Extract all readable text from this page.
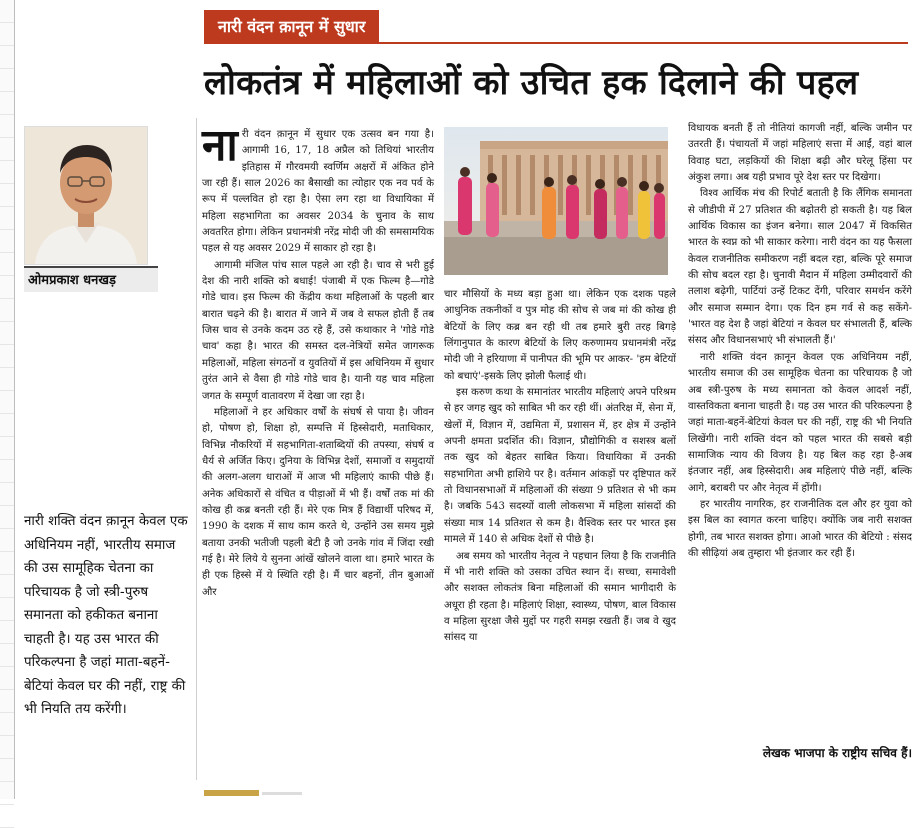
नारी वंदन क़ानून में सुधार
लोकतंत्र में महिलाओं को उचित हक दिलाने की पहल
ओमप्रकाश धनखड़
नारी शक्ति वंदन क़ानून केवल एक अधिनियम नहीं, भारतीय समाज की उस सामूहिक चेतना का परिचायक है जो स्त्री-पुरुष समानता को हकीकत बनाना चाहती है। यह उस भारत की परिकल्पना है जहां माता-बहनें-बेटियां केवल घर की नहीं, राष्ट्र की भी नियति तय करेंगी।

नारी वंदन क़ानून में सुधार एक उत्सव बन गया है। आगामी 16, 17, 18 अप्रैल को तिथियां भारतीय इतिहास में गौरवमयी स्वर्णिम अक्षरों में अंकित होने जा रही हैं। साल 2026 का बैसाखी का त्योहार एक नव पर्व के रूप में पल्लवित हो रहा है। ऐसा लग रहा था विधायिका में महिला सहभागिता का अवसर 2034 के चुनाव के साथ अवतरित होगा। लेकिन प्रधानमंत्री नरेंद्र मोदी जी की समसामयिक पहल से यह अवसर 2029 में साकार हो रहा है।

आगामी मंजिल पांच साल पहले आ रही है। चाव से भरी हुई देश की नारी शक्ति को बधाई! पंजाबी में एक फिल्म है—गोडे गोडे चाव। इस फिल्म की केंद्रीय कथा महिलाओं के पहली बार बारात चढ़ने की है। बारात में जाने में जब वे सफल होती हैं तब जिस चाव से उनके कदम उठ रहे हैं, उसे कथाकार ने 'गोडे गोडे चाव' कहा है। भारत की समस्त दल-नेत्रियों समेत जागरूक महिलाओं, महिला संगठनों व युवतियों में इस अधिनियम में सुधार तुरंत आने से वैसा ही गोडे गोडे चाव है। यानी यह चाव महिला जगत के सम्पूर्ण वातावरण में देखा जा रहा है।

महिलाओं ने हर अधिकार वर्षों के संघर्ष से पाया है। जीवन हो, पोषण हो, शिक्षा हो, सम्पत्ति में हिस्सेदारी, मताधिकार, विभिन्न नौकरियों में सहभागिता-शताब्दियों की तपस्या, संघर्ष व धैर्य से अर्जित किए। दुनिया के विभिन्न देशों, समाजों व समुदायों की अलग-अलग धाराओं में आज भी महिलाएं काफी पीछे हैं। अनेक अधिकारों से वंचित व पीड़ाओं में भी हैं। वर्षों तक मां की कोख ही कब्र बनती रही हैं। मेरे एक मित्र हैं विद्यार्थी परिषद में, 1990 के दशक में साथ काम करते थे, उन्होंने उस समय मुझे बताया उनकी भतीजी पहली बेटी है जो उनके गांव में जिंदा रखी गई है। मेरे लिये ये सुनना आंखें खोलने वाला था। हमारे भारत के ही एक हिस्से में ये स्थिति रही है। मैं चार बहनों, तीन बुआओं और

चार मौसियों के मध्य बड़ा हुआ था। लेकिन एक दशक पहले आधुनिक तकनीकों व पुत्र मोह की सोच से जब मां की कोख ही बेटियों के लिए कब्र बन रही थी तब हमारे बुरी तरह बिगड़े लिंगानुपात के कारण बेटियों के लिए करुणामय प्रधानमंत्री नरेंद्र मोदी जी ने हरियाणा में पानीपत की भूमि पर आकर- 'हम बेटियों को बचाएं'-इसके लिए झोली फैलाई थी।

इस करुण कथा के समानांतर भारतीय महिलाएं अपने परिश्रम से हर जगह खुद को साबित भी कर रही थीं। अंतरिक्ष में, सेना में, खेलों में, विज्ञान में, उद्यमिता में, प्रशासन में, हर क्षेत्र में उन्होंने अपनी क्षमता प्रदर्शित की। विज्ञान, प्रौद्योगिकी व सशस्त्र बलों तक खुद को बेहतर साबित किया। विधायिका में उनकी सहभागिता अभी हाशिये पर है। वर्तमान आंकड़ों पर दृष्टिपात करें तो विधानसभाओं में महिलाओं की संख्या 9 प्रतिशत से भी कम है। जबकि 543 सदस्यों वाली लोकसभा में महिला सांसदों की संख्या मात्र 14 प्रतिशत से कम है। वैश्विक स्तर पर भारत इस मामले में 140 से अधिक देशों से पीछे है।

अब समय को भारतीय नेतृत्व ने पहचान लिया है कि राजनीति में भी नारी शक्ति को उसका उचित स्थान दें। सच्चा, समावेशी और सशक्त लोकतंत्र बिना महिलाओं की समान भागीदारी के अधूरा ही रहता है। महिलाएं शिक्षा, स्वास्थ्य, पोषण, बाल विकास व महिला सुरक्षा जैसे मुद्दों पर गहरी समझ रखती हैं। जब वे खुद सांसद या

विधायक बनती हैं तो नीतियां कागजी नहीं, बल्कि जमीन पर उतरती हैं। पंचायतों में जहां महिलाएं सत्ता में आईं, वहां बाल विवाह घटा, लड़कियों की शिक्षा बढ़ी और घरेलू हिंसा पर अंकुश लगा। अब यही प्रभाव पूरे देश स्तर पर दिखेगा।

विश्व आर्थिक मंच की रिपोर्ट बताती है कि लैंगिक समानता से जीडीपी में 27 प्रतिशत की बढ़ोतरी हो सकती है। यह बिल आर्थिक विकास का इंजन बनेगा। साल 2047 में विकसित भारत के स्वप्न को भी साकार करेगा। नारी वंदन का यह फैसला केवल राजनीतिक समीकरण नहीं बदल रहा, बल्कि पूरे समाज की सोच बदल रहा है। चुनावी मैदान में महिला उम्मीदवारों की तलाश बढ़ेगी, पार्टियां उन्हें टिकट देंगी, परिवार समर्थन करेंगे और समाज सम्मान देगा। एक दिन हम गर्व से कह सकेंगे-'भारत वह देश है जहां बेटियां न केवल घर संभालती हैं, बल्कि संसद और विधानसभाएं भी संभालती हैं।'

नारी शक्ति वंदन क़ानून केवल एक अधिनियम नहीं, भारतीय समाज की उस सामूहिक चेतना का परिचायक है जो अब स्त्री-पुरुष के मध्य समानता को केवल आदर्श नहीं, वास्तविकता बनाना चाहती है। यह उस भारत की परिकल्पना है जहां माता-बहनें-बेटियां केवल घर की नहीं, राष्ट्र की भी नियति लिखेंगी। नारी शक्ति वंदन को पहल भारत की सबसे बड़ी सामाजिक न्याय की विजय है। यह बिल कह रहा है-अब इंतजार नहीं, अब हिस्सेदारी। अब महिलाएं पीछे नहीं, बल्कि आगे, बराबरी पर और नेतृत्व में होंगी।

हर भारतीय नागरिक, हर राजनीतिक दल और हर युवा को इस बिल का स्वागत करना चाहिए। क्योंकि जब नारी सशक्त होगी, तब भारत सशक्त होगा। आओ भारत की बेटियो : संसद की सीढ़ियां अब तुम्हारा भी इंतजार कर रही हैं।

लेखक भाजपा के राष्ट्रीय सचिव हैं।
